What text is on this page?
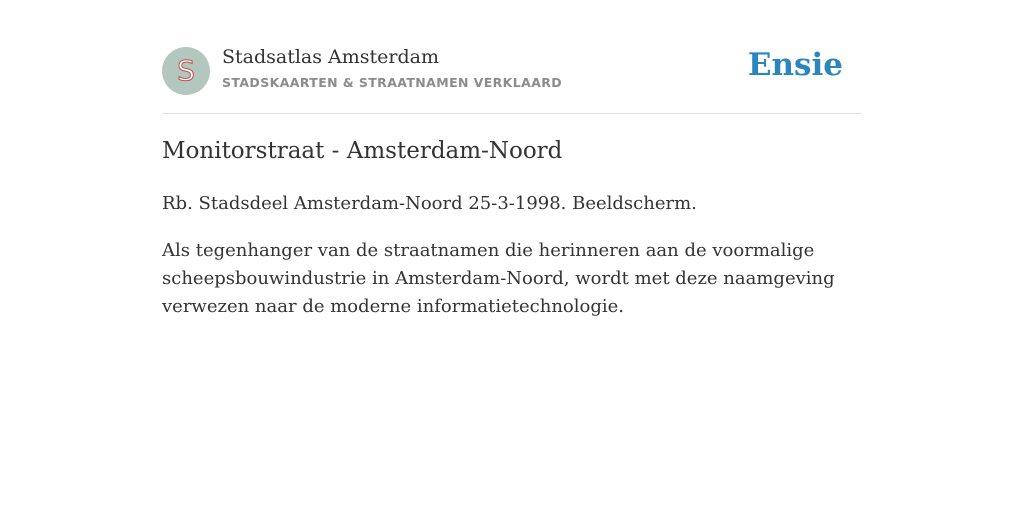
S Stadsatlas Amsterdam
STADSKAARTEN & STRAATNAMEN VERKLAARD	Ensie
Monitorstraat - Amsterdam-Noord

Rb. Stadsdeel Amsterdam-Noord 25-3-1998. Beeldscherm.

Als tegenhanger van de straatnamen die herinneren aan de voormalige scheepsbouwindustrie in Amsterdam-Noord, wordt met deze naamgeving verwezen naar de moderne informatietechnologie.
